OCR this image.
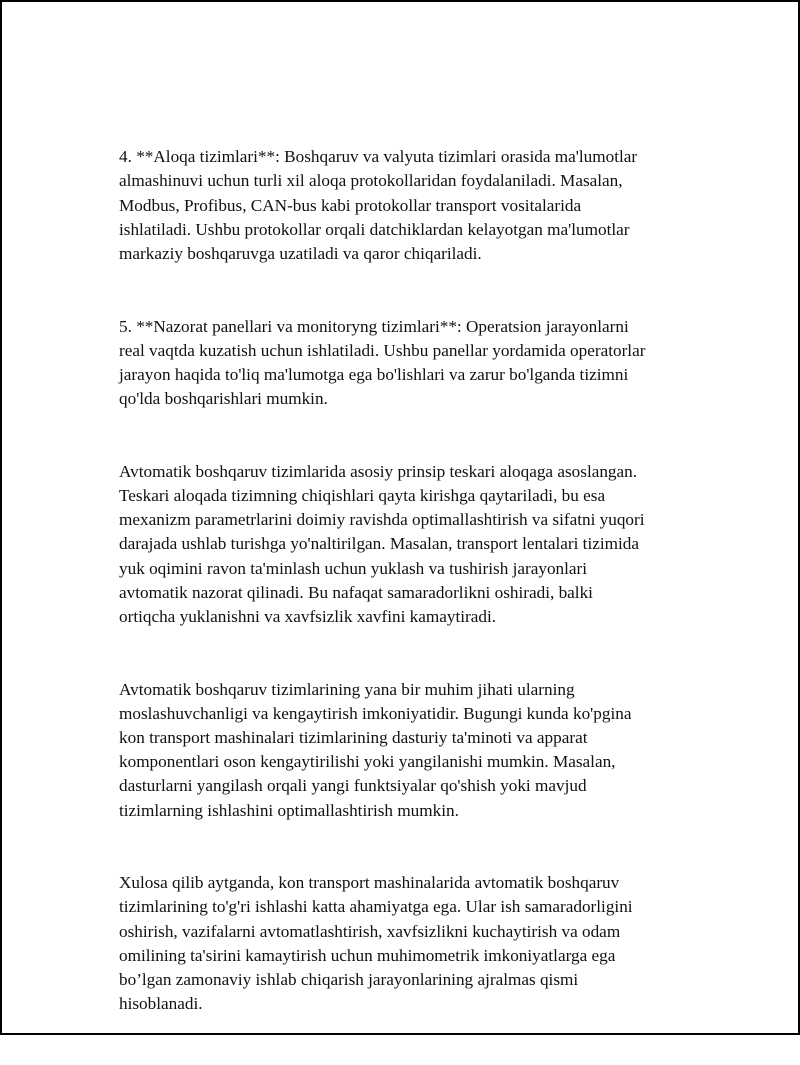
4. **Aloqa tizimlari**: Boshqaruv va valyuta tizimlari orasida ma'lumotlar
almashinuvi uchun turli xil aloqa protokollaridan foydalaniladi. Masalan,
Modbus, Profibus, CAN-bus kabi protokollar transport vositalarida
ishlatiladi. Ushbu protokollar orqali datchiklardan kelayotgan ma'lumotlar
markaziy boshqaruvga uzatiladi va qaror chiqariladi.

5. **Nazorat panellari va monitoryng tizimlari**: Operatsion jarayonlarni
real vaqtda kuzatish uchun ishlatiladi. Ushbu panellar yordamida operatorlar
jarayon haqida to'liq ma'lumotga ega bo'lishlari va zarur bo'lganda tizimni
qo'lda boshqarishlari mumkin.

Avtomatik boshqaruv tizimlarida asosiy prinsip teskari aloqaga asoslangan.
Teskari aloqada tizimning chiqishlari qayta kirishga qaytariladi, bu esa
mexanizm parametrlarini doimiy ravishda optimallashtirish va sifatni yuqori
darajada ushlab turishga yo'naltirilgan. Masalan, transport lentalari tizimida
yuk oqimini ravon ta'minlash uchun yuklash va tushirish jarayonlari
avtomatik nazorat qilinadi. Bu nafaqat samaradorlikni oshiradi, balki
ortiqcha yuklanishni va xavfsizlik xavfini kamaytiradi.

Avtomatik boshqaruv tizimlarining yana bir muhim jihati ularning
moslashuvchanligi va kengaytirish imkoniyatidir. Bugungi kunda ko'pgina
kon transport mashinalari tizimlarining dasturiy ta'minoti va apparat
komponentlari oson kengaytirilishi yoki yangilanishi mumkin. Masalan,
dasturlarni yangilash orqali yangi funktsiyalar qo'shish yoki mavjud
tizimlarning ishlashini optimallashtirish mumkin.

Xulosa qilib aytganda, kon transport mashinalarida avtomatik boshqaruv
tizimlarining to'g'ri ishlashi katta ahamiyatga ega. Ular ish samaradorligini
oshirish, vazifalarni avtomatlashtirish, xavfsizlikni kuchaytirish va odam
omilining ta'sirini kamaytirish uchun muhimometrik imkoniyatlarga ega
bo’lgan zamonaviy ishlab chiqarish jarayonlarining ajralmas qismi
hisoblanadi.
